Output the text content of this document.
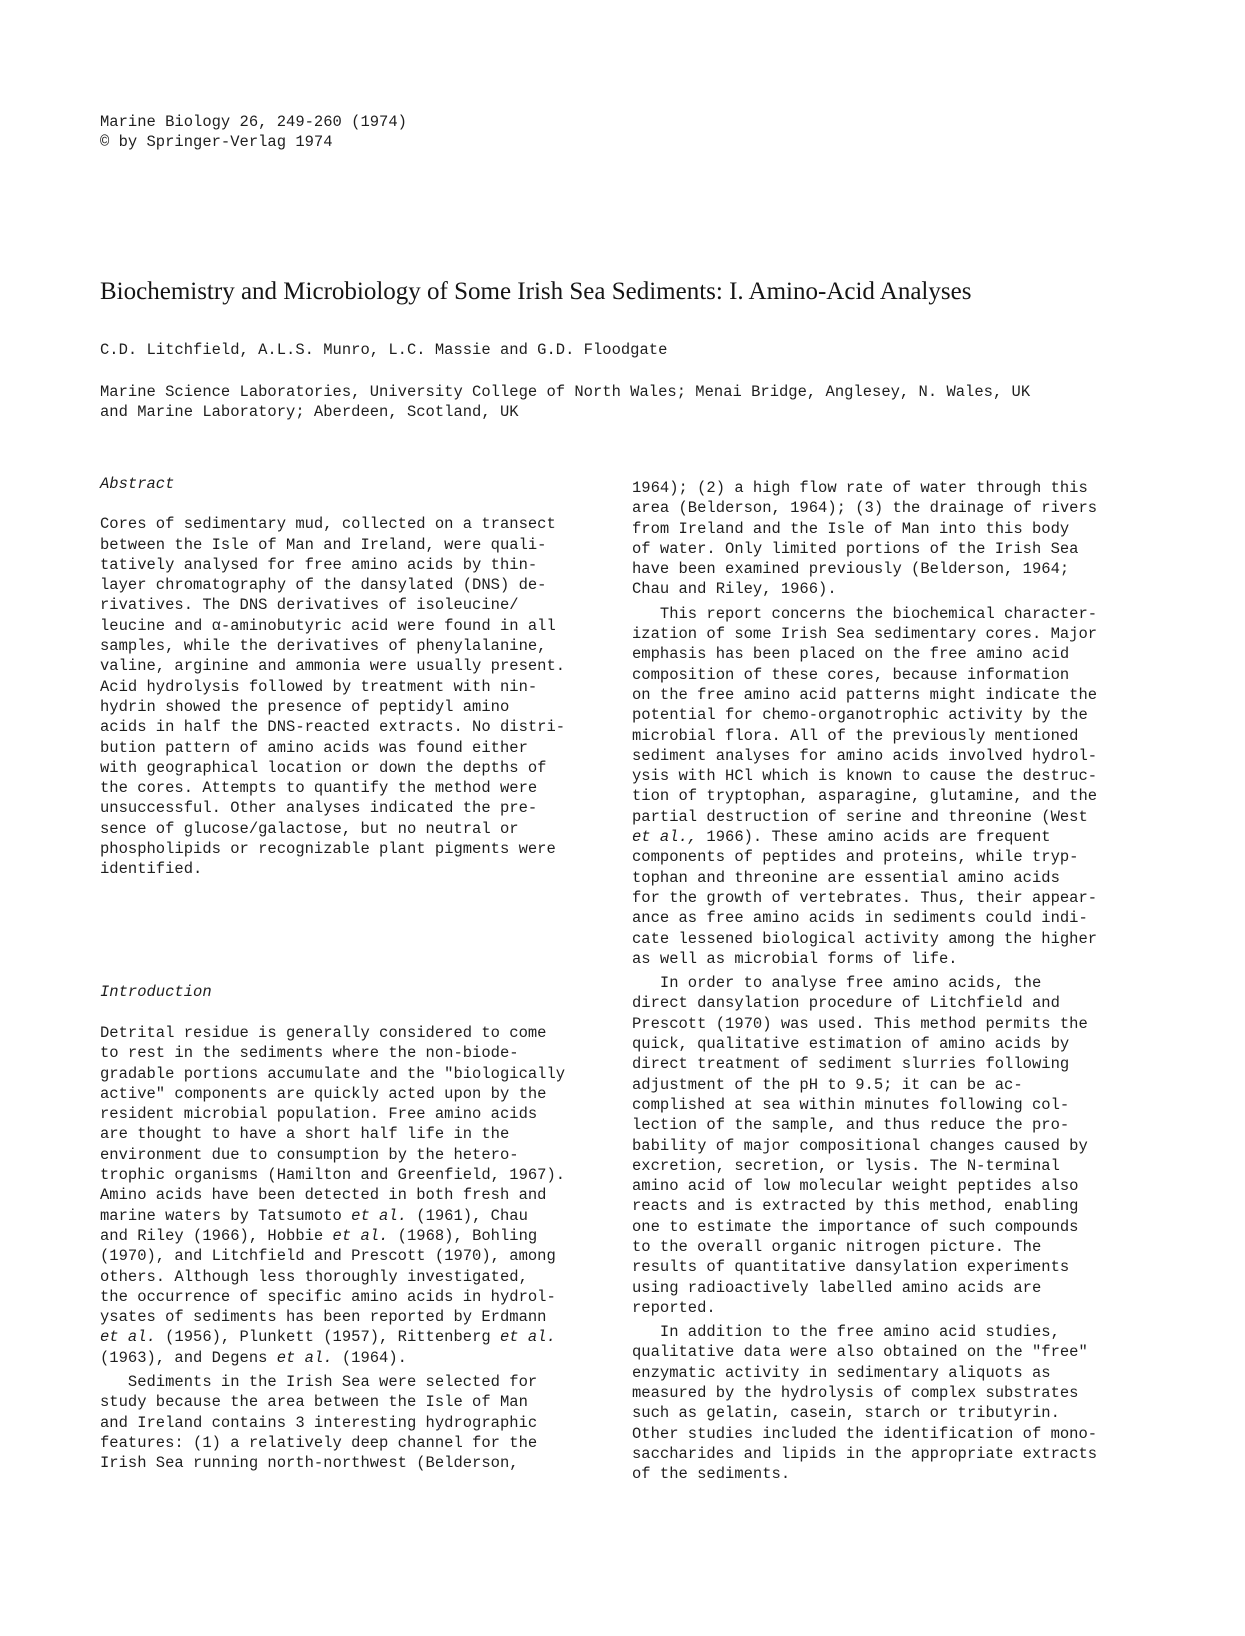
Marine Biology 26, 249-260 (1974)
© by Springer-Verlag 1974
Biochemistry and Microbiology of Some Irish Sea Sediments: I. Amino-Acid Analyses
C.D. Litchfield, A.L.S. Munro, L.C. Massie and G.D. Floodgate
Marine Science Laboratories, University College of North Wales; Menai Bridge, Anglesey, N. Wales, UK
and Marine Laboratory; Aberdeen, Scotland, UK
Abstract
Cores of sedimentary mud, collected on a transect
between the Isle of Man and Ireland, were quali-
tatively analysed for free amino acids by thin-
layer chromatography of the dansylated (DNS) de-
rivatives. The DNS derivatives of isoleucine/
leucine and α-aminobutyric acid were found in all
samples, while the derivatives of phenylalanine,
valine, arginine and ammonia were usually present.
Acid hydrolysis followed by treatment with nin-
hydrin showed the presence of peptidyl amino
acids in half the DNS-reacted extracts. No distri-
bution pattern of amino acids was found either
with geographical location or down the depths of
the cores. Attempts to quantify the method were
unsuccessful. Other analyses indicated the pre-
sence of glucose/galactose, but no neutral or
phospholipids or recognizable plant pigments were
identified.
Introduction
Detrital residue is generally considered to come
to rest in the sediments where the non-biode-
gradable portions accumulate and the "biologically
active" components are quickly acted upon by the
resident microbial population. Free amino acids
are thought to have a short half life in the
environment due to consumption by the hetero-
trophic organisms (Hamilton and Greenfield, 1967).
Amino acids have been detected in both fresh and
marine waters by Tatsumoto et al. (1961), Chau
and Riley (1966), Hobbie et al. (1968), Bohling
(1970), and Litchfield and Prescott (1970), among
others. Although less thoroughly investigated,
the occurrence of specific amino acids in hydrol-
ysates of sediments has been reported by Erdmann
et al. (1956), Plunkett (1957), Rittenberg et al.
(1963), and Degens et al. (1964).
Sediments in the Irish Sea were selected for
study because the area between the Isle of Man
and Ireland contains 3 interesting hydrographic
features: (1) a relatively deep channel for the
Irish Sea running north-northwest (Belderson,
1964); (2) a high flow rate of water through this
area (Belderson, 1964); (3) the drainage of rivers
from Ireland and the Isle of Man into this body
of water. Only limited portions of the Irish Sea
have been examined previously (Belderson, 1964;
Chau and Riley, 1966).
This report concerns the biochemical character-
ization of some Irish Sea sedimentary cores. Major
emphasis has been placed on the free amino acid
composition of these cores, because information
on the free amino acid patterns might indicate the
potential for chemo-organotrophic activity by the
microbial flora. All of the previously mentioned
sediment analyses for amino acids involved hydrol-
ysis with HCl which is known to cause the destruc-
tion of tryptophan, asparagine, glutamine, and the
partial destruction of serine and threonine (West
et al., 1966). These amino acids are frequent
components of peptides and proteins, while tryp-
tophan and threonine are essential amino acids
for the growth of vertebrates. Thus, their appear-
ance as free amino acids in sediments could indi-
cate lessened biological activity among the higher
as well as microbial forms of life.
In order to analyse free amino acids, the
direct dansylation procedure of Litchfield and
Prescott (1970) was used. This method permits the
quick, qualitative estimation of amino acids by
direct treatment of sediment slurries following
adjustment of the pH to 9.5; it can be ac-
complished at sea within minutes following col-
lection of the sample, and thus reduce the pro-
bability of major compositional changes caused by
excretion, secretion, or lysis. The N-terminal
amino acid of low molecular weight peptides also
reacts and is extracted by this method, enabling
one to estimate the importance of such compounds
to the overall organic nitrogen picture. The
results of quantitative dansylation experiments
using radioactively labelled amino acids are
reported.
In addition to the free amino acid studies,
qualitative data were also obtained on the "free"
enzymatic activity in sedimentary aliquots as
measured by the hydrolysis of complex substrates
such as gelatin, casein, starch or tributyrin.
Other studies included the identification of mono-
saccharides and lipids in the appropriate extracts
of the sediments.
